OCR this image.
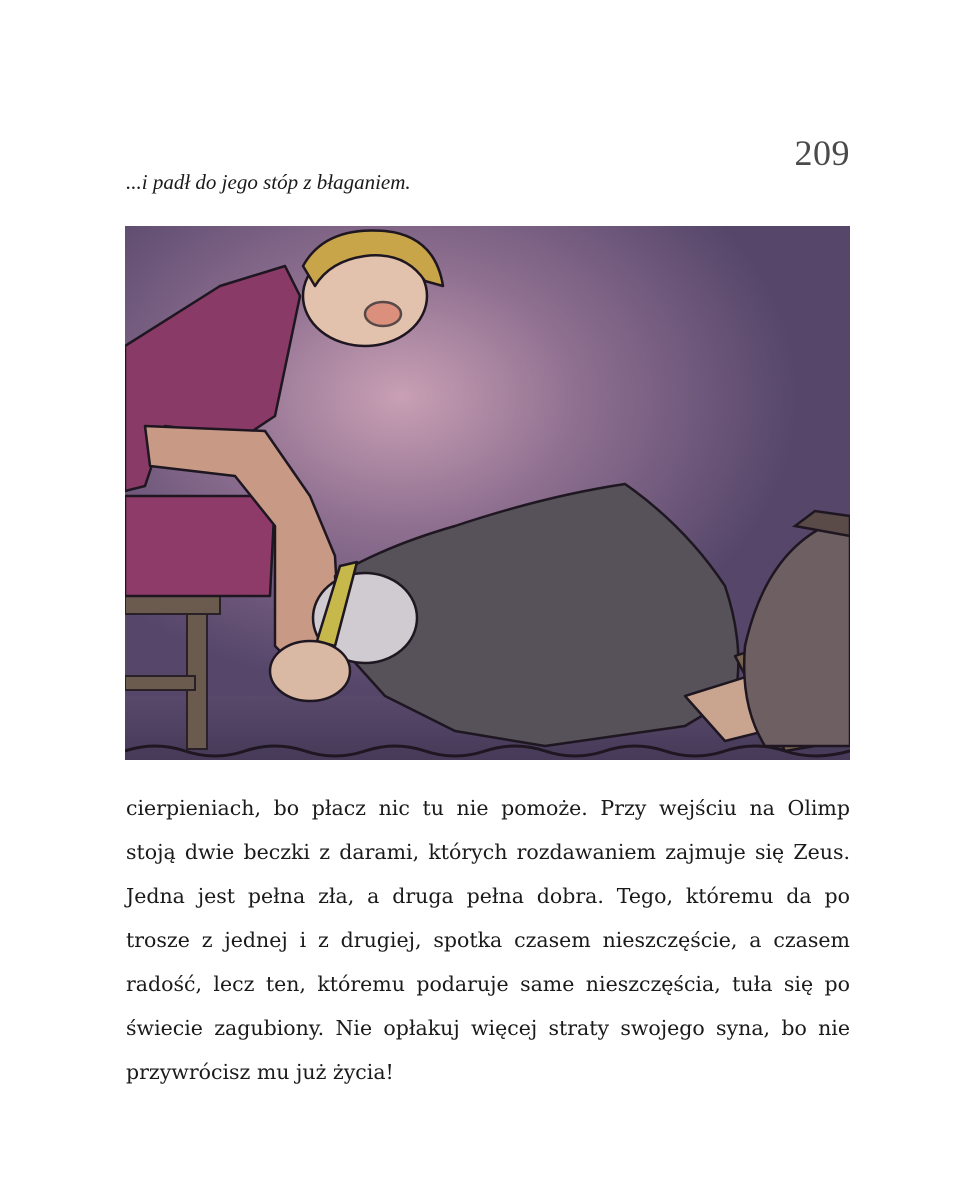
209
...i padł do jego stóp z błaganiem.
cierpieniach, bo płacz nic tu nie pomoże. Przy wejściu na Olimp
stoją dwie beczki z darami, których rozdawaniem zajmuje się Zeus.
Jedna jest pełna zła, a druga pełna dobra. Tego, któremu da po
trosze z jednej i z drugiej, spotka czasem nieszczęście, a czasem
radość, lecz ten, któremu podaruje same nieszczęścia, tuła się po
świecie zagubiony. Nie opłakuj więcej straty swojego syna, bo nie
przywrócisz mu już życia!
